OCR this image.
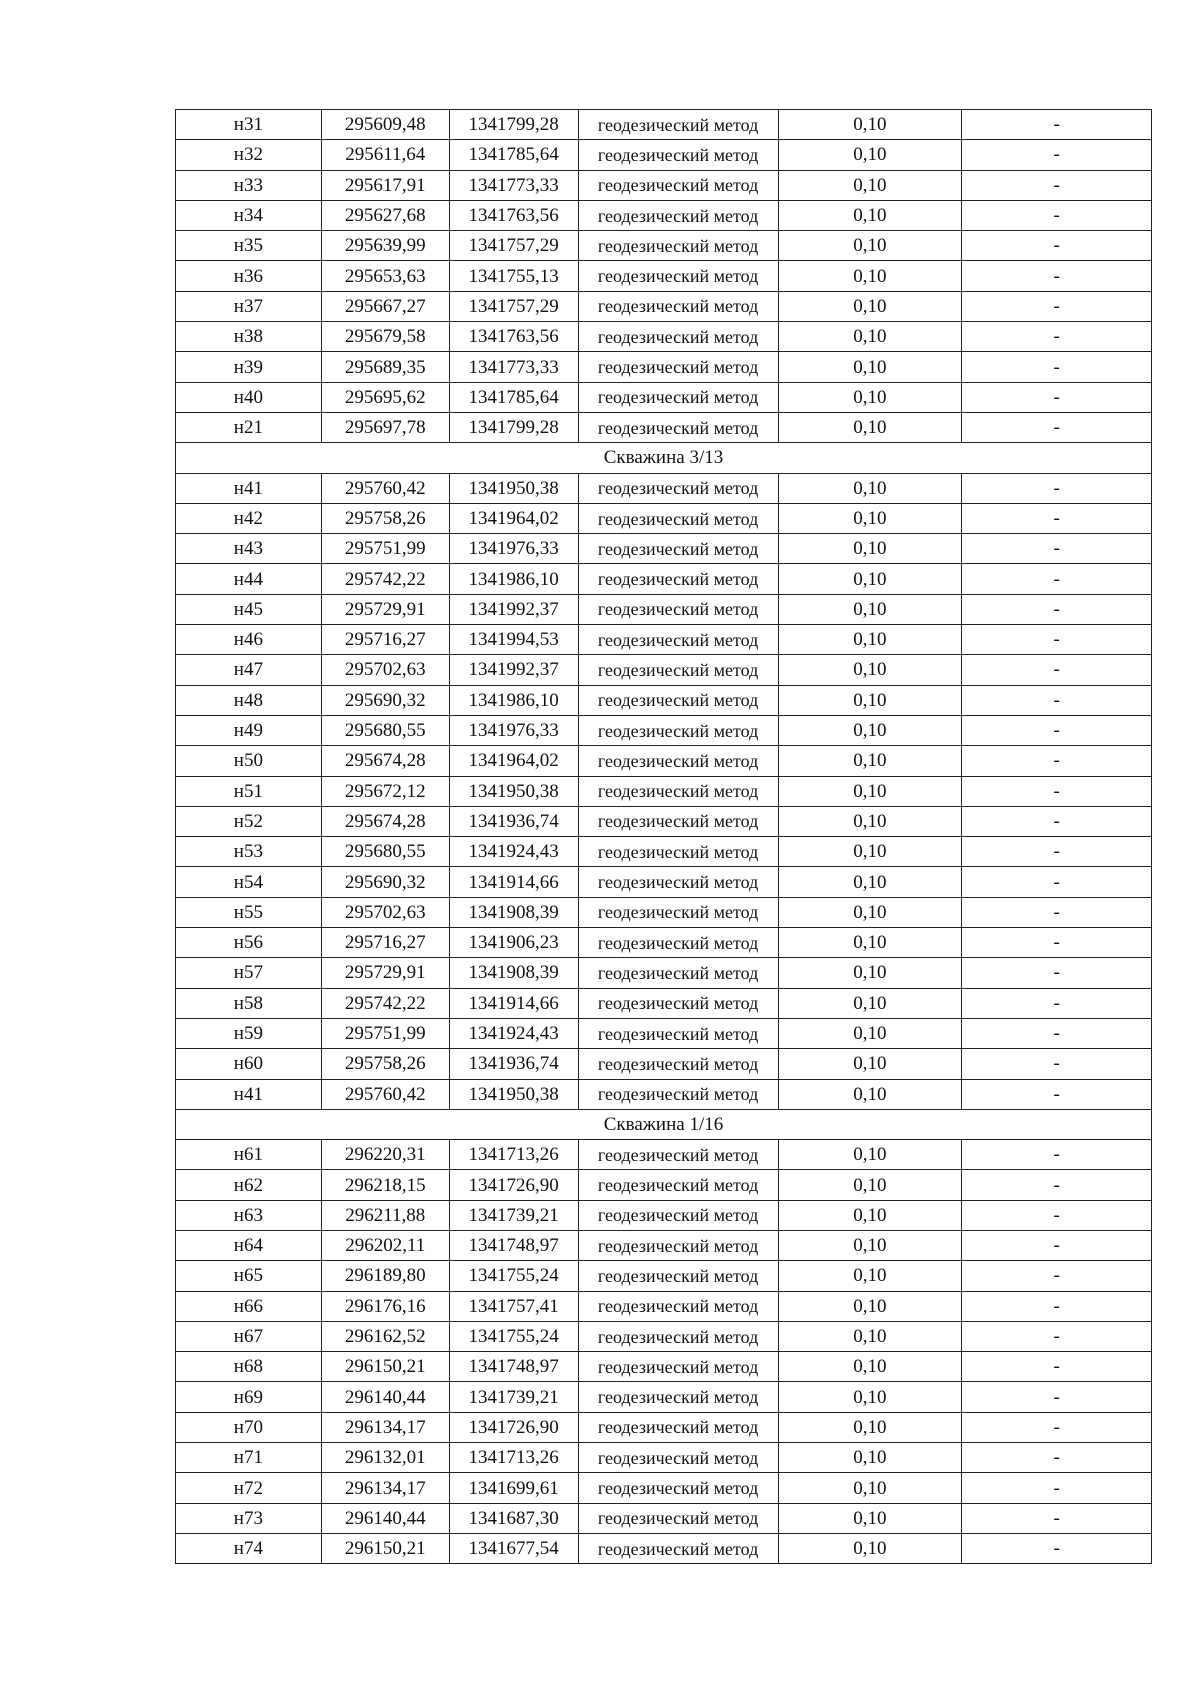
н31	295609,48	1341799,28	геодезический метод	0,10	-
н32	295611,64	1341785,64	геодезический метод	0,10	-
н33	295617,91	1341773,33	геодезический метод	0,10	-
н34	295627,68	1341763,56	геодезический метод	0,10	-
н35	295639,99	1341757,29	геодезический метод	0,10	-
н36	295653,63	1341755,13	геодезический метод	0,10	-
н37	295667,27	1341757,29	геодезический метод	0,10	-
н38	295679,58	1341763,56	геодезический метод	0,10	-
н39	295689,35	1341773,33	геодезический метод	0,10	-
н40	295695,62	1341785,64	геодезический метод	0,10	-
н21	295697,78	1341799,28	геодезический метод	0,10	-
Скважина 3/13					
н41	295760,42	1341950,38	геодезический метод	0,10	-
н42	295758,26	1341964,02	геодезический метод	0,10	-
н43	295751,99	1341976,33	геодезический метод	0,10	-
н44	295742,22	1341986,10	геодезический метод	0,10	-
н45	295729,91	1341992,37	геодезический метод	0,10	-
н46	295716,27	1341994,53	геодезический метод	0,10	-
н47	295702,63	1341992,37	геодезический метод	0,10	-
н48	295690,32	1341986,10	геодезический метод	0,10	-
н49	295680,55	1341976,33	геодезический метод	0,10	-
н50	295674,28	1341964,02	геодезический метод	0,10	-
н51	295672,12	1341950,38	геодезический метод	0,10	-
н52	295674,28	1341936,74	геодезический метод	0,10	-
н53	295680,55	1341924,43	геодезический метод	0,10	-
н54	295690,32	1341914,66	геодезический метод	0,10	-
н55	295702,63	1341908,39	геодезический метод	0,10	-
н56	295716,27	1341906,23	геодезический метод	0,10	-
н57	295729,91	1341908,39	геодезический метод	0,10	-
н58	295742,22	1341914,66	геодезический метод	0,10	-
н59	295751,99	1341924,43	геодезический метод	0,10	-
н60	295758,26	1341936,74	геодезический метод	0,10	-
н41	295760,42	1341950,38	геодезический метод	0,10	-
Скважина 1/16					
н61	296220,31	1341713,26	геодезический метод	0,10	-
н62	296218,15	1341726,90	геодезический метод	0,10	-
н63	296211,88	1341739,21	геодезический метод	0,10	-
н64	296202,11	1341748,97	геодезический метод	0,10	-
н65	296189,80	1341755,24	геодезический метод	0,10	-
н66	296176,16	1341757,41	геодезический метод	0,10	-
н67	296162,52	1341755,24	геодезический метод	0,10	-
н68	296150,21	1341748,97	геодезический метод	0,10	-
н69	296140,44	1341739,21	геодезический метод	0,10	-
н70	296134,17	1341726,90	геодезический метод	0,10	-
н71	296132,01	1341713,26	геодезический метод	0,10	-
н72	296134,17	1341699,61	геодезический метод	0,10	-
н73	296140,44	1341687,30	геодезический метод	0,10	-
н74	296150,21	1341677,54	геодезический метод	0,10	-
